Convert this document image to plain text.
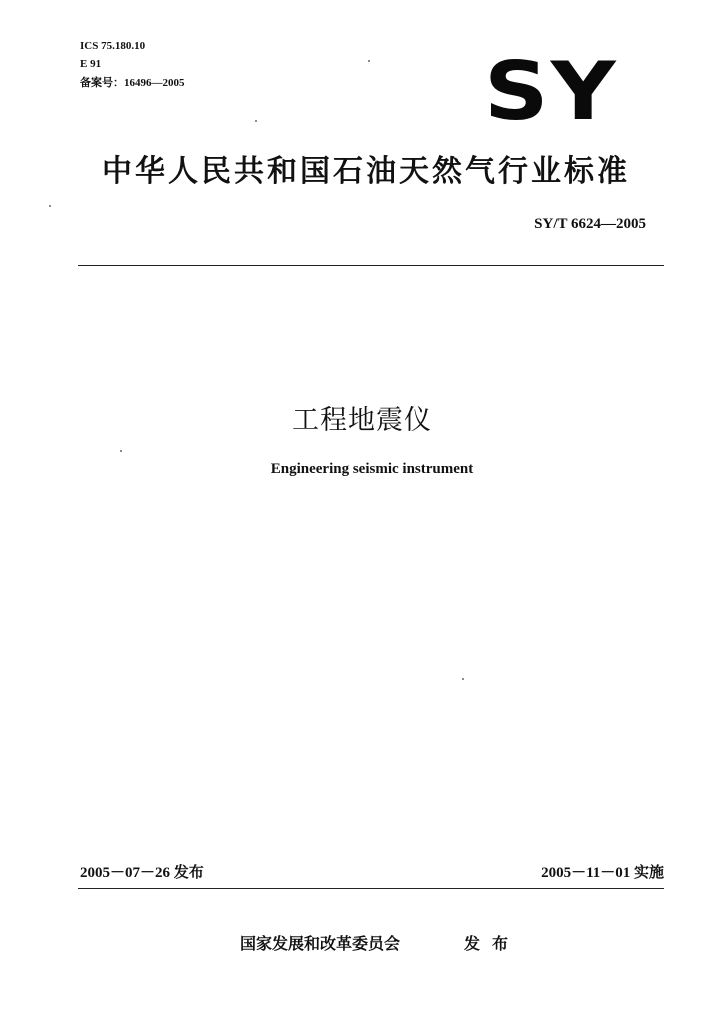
ICS 75.180.10
E 91
备案号：16496—2005	SY
中华人民共和国石油天然气行业标准
SY/T 6624—2005
工程地震仪
Engineering seismic instrument
2005－07－26 发布	2005－11－01 实施
国家发展和改革委员会	发布
